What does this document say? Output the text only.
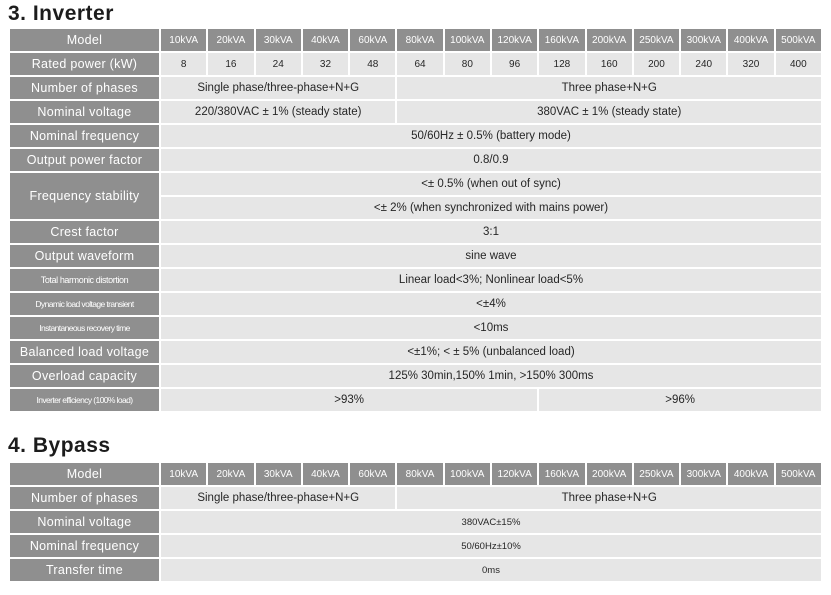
3. Inverter
Model	10kVA	20kVA	30kVA	40kVA	60kVA	80kVA	100kVA	120kVA	160kVA	200kVA	250kVA	300kVA	400kVA	500kVA
Rated power (kW)	8	16	24	32	48	64	80	96	128	160	200	240	320	400
Number of phases	Single phase/three-phase+N+G					Three phase+N+G								
Nominal voltage	220/380VAC ± 1% (steady state)					380VAC ± 1% (steady state)								
Nominal frequency	50/60Hz ± 0.5% (battery mode)													
Output power factor	0.8/0.9													
Frequency stability	<± 0.5% (when out of sync)													
	<± 2% (when synchronized with mains power)													
Crest factor	3:1													
Output waveform	sine wave													
Total harmonic distortion	Linear load<3%; Nonlinear load<5%													
Dynamic load voltage transient	<±4%													
Instantaneous recovery time	<10ms													
Balanced load voltage	<±1%; < ± 5% (unbalanced load)													
Overload capacity	125% 30min,150% 1min, >150% 300ms													
Inverter efficiency (100% load)	>93%								>96%					
4. Bypass
Model	10kVA	20kVA	30kVA	40kVA	60kVA	80kVA	100kVA	120kVA	160kVA	200kVA	250kVA	300kVA	400kVA	500kVA
Number of phases	Single phase/three-phase+N+G					Three phase+N+G								
Nominal voltage	380VAC±15%													
Nominal frequency	50/60Hz±10%													
Transfer time	0ms													
